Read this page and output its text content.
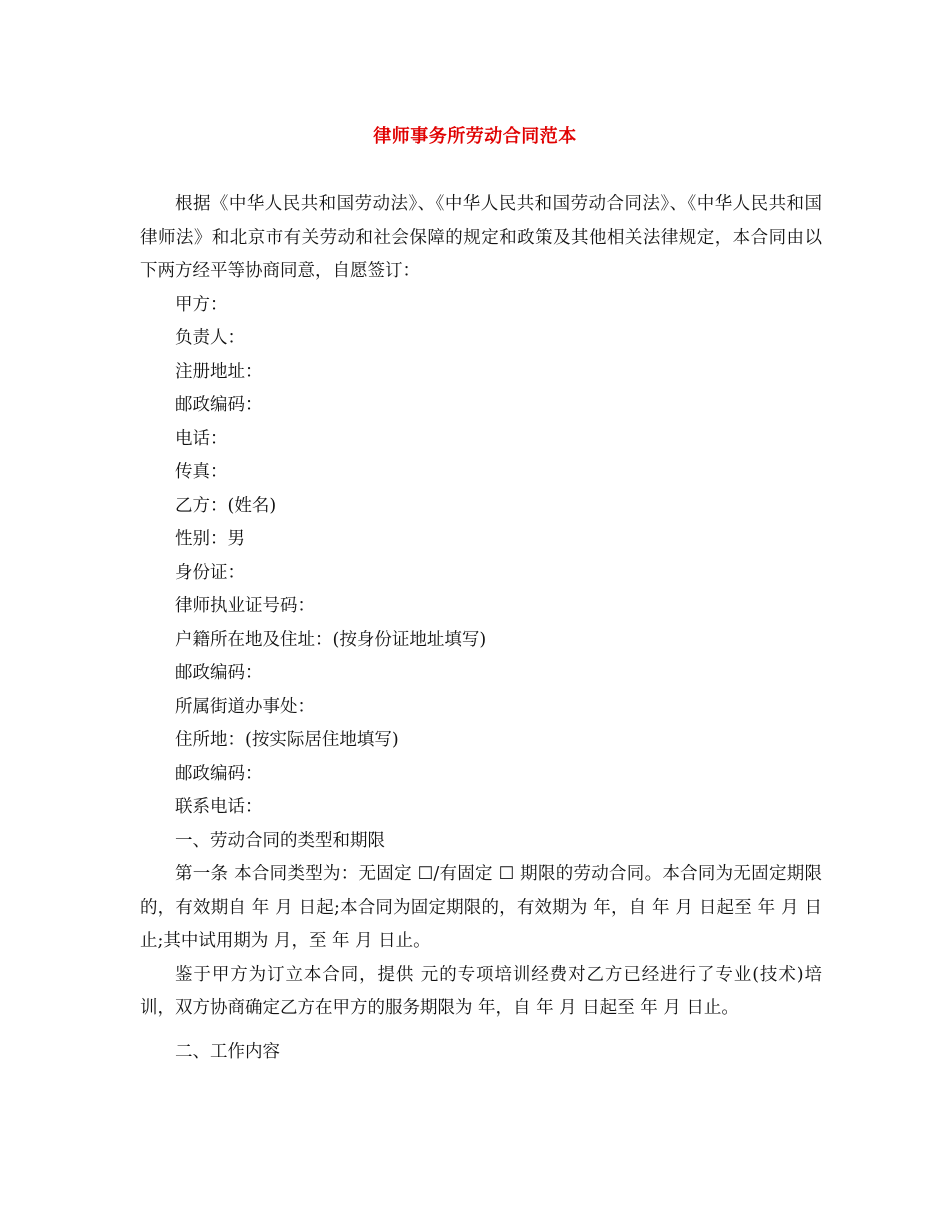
律师事务所劳动合同范本

根据《中华人民共和国劳动法》、《中华人民共和国劳动合同法》、《中华人民共和国律师法》和北京市有关劳动和社会保障的规定和政策及其他相关法律规定，本合同由以下两方经平等协商同意，自愿签订：

甲方：

负责人：

注册地址：

邮政编码：

电话：

传真：

乙方：(姓名)

性别：男

身份证：

律师执业证号码：

户籍所在地及住址：(按身份证地址填写)

邮政编码：

所属街道办事处：

住所地：(按实际居住地填写)

邮政编码：

联系电话：

一、劳动合同的类型和期限

第一条 本合同类型为：无固定 ☐/有固定 ☐ 期限的劳动合同。本合同为无固定期限的，有效期自 年 月 日起;本合同为固定期限的，有效期为 年，自 年 月 日起至 年 月 日止;其中试用期为 月，至 年 月 日止。

鉴于甲方为订立本合同，提供 元的专项培训经费对乙方已经进行了专业(技术)培训，双方协商确定乙方在甲方的服务期限为 年，自 年 月 日起至 年 月 日止。

二、工作内容
